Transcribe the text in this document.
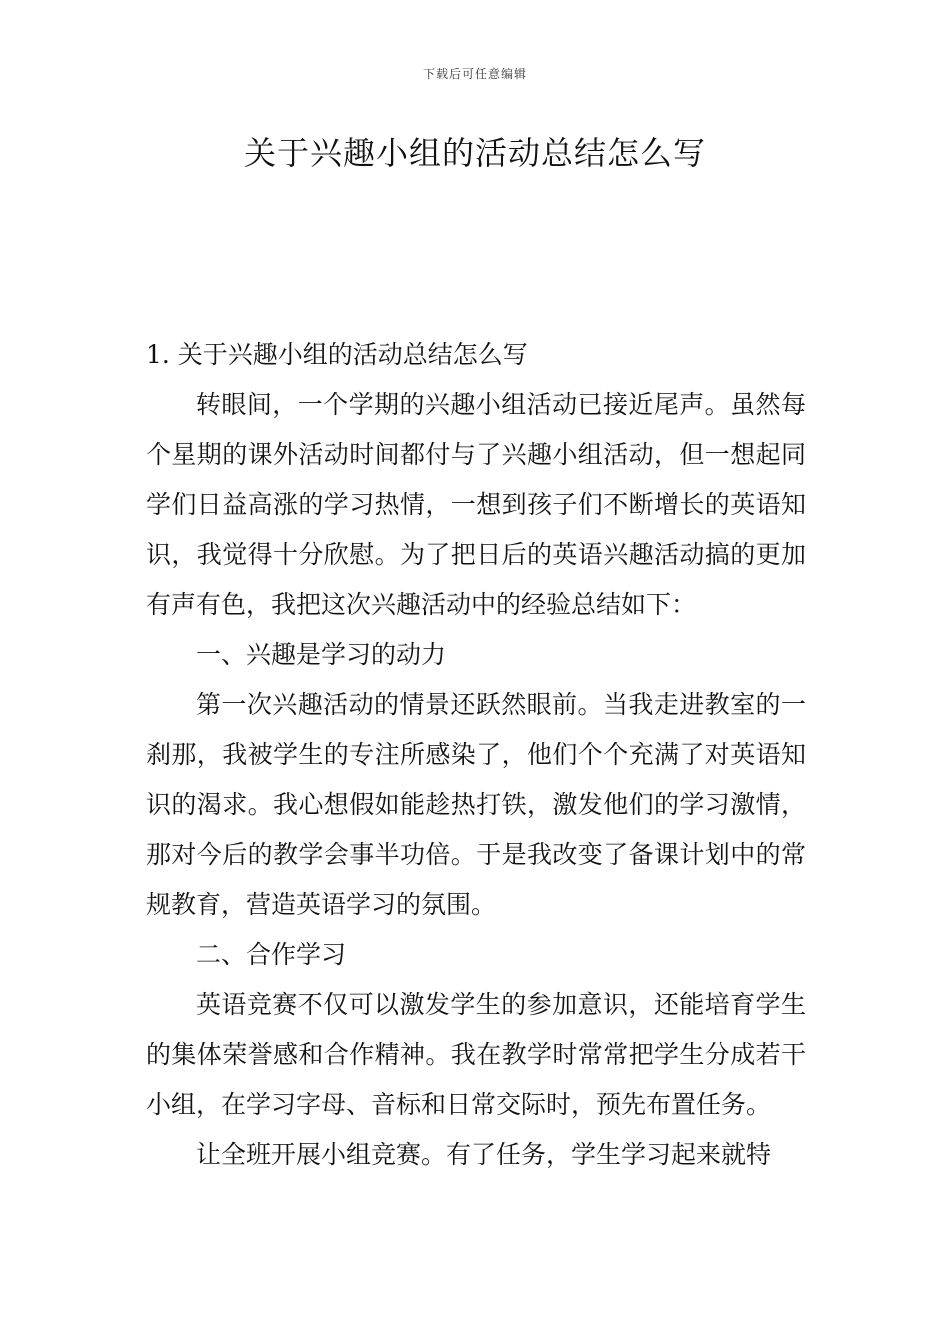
下载后可任意编辑
关于兴趣小组的活动总结怎么写

1. 关于兴趣小组的活动总结怎么写

转眼间，一个学期的兴趣小组活动已接近尾声。虽然每个星期的课外活动时间都付与了兴趣小组活动，但一想起同学们日益高涨的学习热情，一想到孩子们不断增长的英语知识，我觉得十分欣慰。为了把日后的英语兴趣活动搞的更加有声有色，我把这次兴趣活动中的经验总结如下：

一、兴趣是学习的动力

第一次兴趣活动的情景还跃然眼前。当我走进教室的一刹那，我被学生的专注所感染了，他们个个充满了对英语知识的渴求。我心想假如能趁热打铁，激发他们的学习激情，那对今后的教学会事半功倍。于是我改变了备课计划中的常规教育，营造英语学习的氛围。

二、合作学习

英语竞赛不仅可以激发学生的参加意识，还能培育学生的集体荣誉感和合作精神。我在教学时常常把学生分成若干小组，在学习字母、音标和日常交际时，预先布置任务。

让全班开展小组竞赛。有了任务，学生学习起来就特
